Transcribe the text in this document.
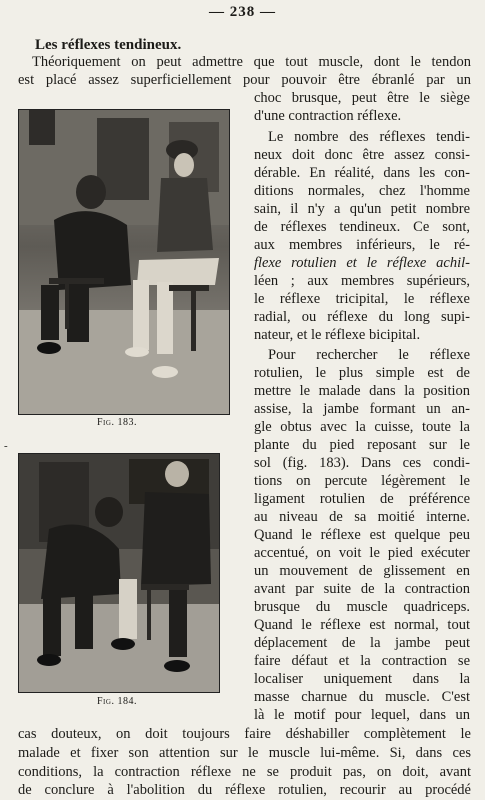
— 238 —
Les réflexes tendineux.
Fig. 183.
Fig. 184.
-
Théoriquement on peut admettre que tout muscle, dont le tendon
est placé assez superficiellement pour pouvoir être ébranlé par un
choc brusque, peut être le siège
d'une contraction réflexe.
Le nombre des réflexes tendi-
neux doit donc être assez consi-
dérable. En réalité, dans les con-
ditions normales, chez l'homme
sain, il n'y a qu'un petit nombre
de réflexes tendineux. Ce sont,
aux membres inférieurs, le ré-
flexe rotulien et le réflexe achil-
léen ; aux membres supérieurs,
le réflexe tricipital, le réflexe
radial, ou réflexe du long supi-
nateur, et le réflexe bicipital.
Pour rechercher le réflexe
rotulien, le plus simple est de
mettre le malade dans la position
assise, la jambe formant un an-
gle obtus avec la cuisse, toute la
plante du pied reposant sur le
sol (fig. 183). Dans ces condi-
tions on percute légèrement le
ligament rotulien de préférence
au niveau de sa moitié interne.
Quand le réflexe est quelque peu
accentué, on voit le pied exécuter
un mouvement de glissement en
avant par suite de la contraction
brusque du muscle quadriceps.
Quand le réflexe est normal, tout
déplacement de la jambe peut
faire défaut et la contraction se
localiser uniquement dans la
masse charnue du muscle. C'est
là le motif pour lequel, dans un
cas douteux, on doit toujours faire déshabiller complètement le
malade et fixer son attention sur le muscle lui-même. Si, dans ces
conditions, la contraction réflexe ne se produit pas, on doit, avant
de conclure à l'abolition du réflexe rotulien, recourir au procédé
